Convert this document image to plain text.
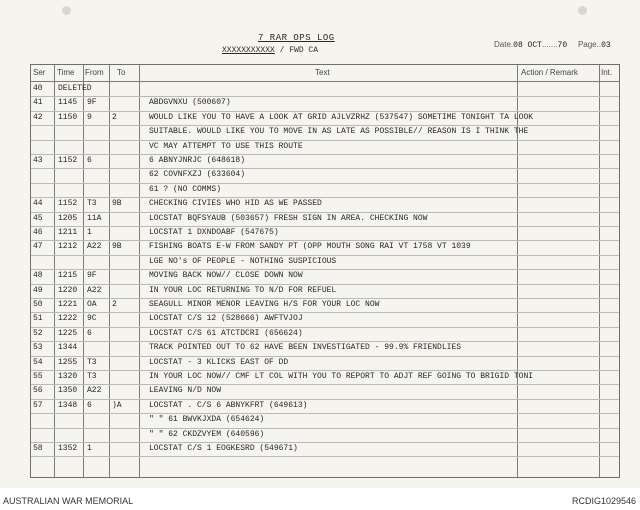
7 RAR OPS LOG
XXXXXXXXXXX / FWD CA
Date.08 OCT.......70 Page..03
Ser Time From To	Text	Action / Remark	Int.
40 DELETED
41 1145 9F	ABDGVNXU (500607)
42 1150 9	2	WOULD LIKE YOU TO HAVE A LOOK AT GRID AJLVZRHZ (537547) SOMETIME TONIGHT TA LOOK
SUITABLE. WOULD LIKE YOU TO MOVE IN AS LATE AS POSSIBLE// REASON IS I THINK THE
VC MAY ATTEMPT TO USE THIS ROUTE
43 1152 6	6 ABNYJNRJC (648618)
62 COVNFXZJ (633604)
61 ? (NO COMMS)
44 1152 T3 9B	CHECKING CIVIES WHO HID AS WE PASSED
45 1205 11A	LOCSTAT BQFSYAUB (503657) FRESH SIGN IN AREA. CHECKING NOW
46 1211 1	LOCSTAT 1 DXNDOABF (547675)
47 1212 A22 9B	FISHING BOATS E-W FROM SANDY PT (OPP MOUTH SONG RAI VT 1758 VT 1039
LGE NO's OF PEOPLE - NOTHING SUSPICIOUS
48 1215 9F	MOVING BACK NOW// CLOSE DOWN NOW
49 1220 A22	IN YOUR LOC RETURNING TO N/D FOR REFUEL
50 1221 OA 2	SEAGULL MINOR MENOR LEAVING H/S FOR YOUR LOC NOW
51 1222 9C	LOCSTAT C/S 12 (528666) AWFTVJOJ
52 1225 6	LOCSTAT C/S 61 ATCTDCRI (656624)
53 1344	TRACK POINTED OUT TO 62 HAVE BEEN INVESTIGATED - 99.9% FRIENDLIES
54 1255 T3	LOCSTAT - 3 KLICKS EAST OF DD
55 1320 T3	IN YOUR LOC NOW// CMF LT COL WITH YOU TO REPORT TO ADJT REF GOING TO BRIGID TONI
56 1350 A22	LEAVING N/D NOW
57 1348 6	)A	LOCSTAT . C/S 6 ABNYKFRT (649613)
" " 61 BWVKJXDA (654624)
" " 62 CKDZVYEM (640596)
58 1352 1	LOCSTAT C/S 1 EOGKESRD (549671)
AUSTRALIAN WAR MEMORIAL	RCDIG1029546
